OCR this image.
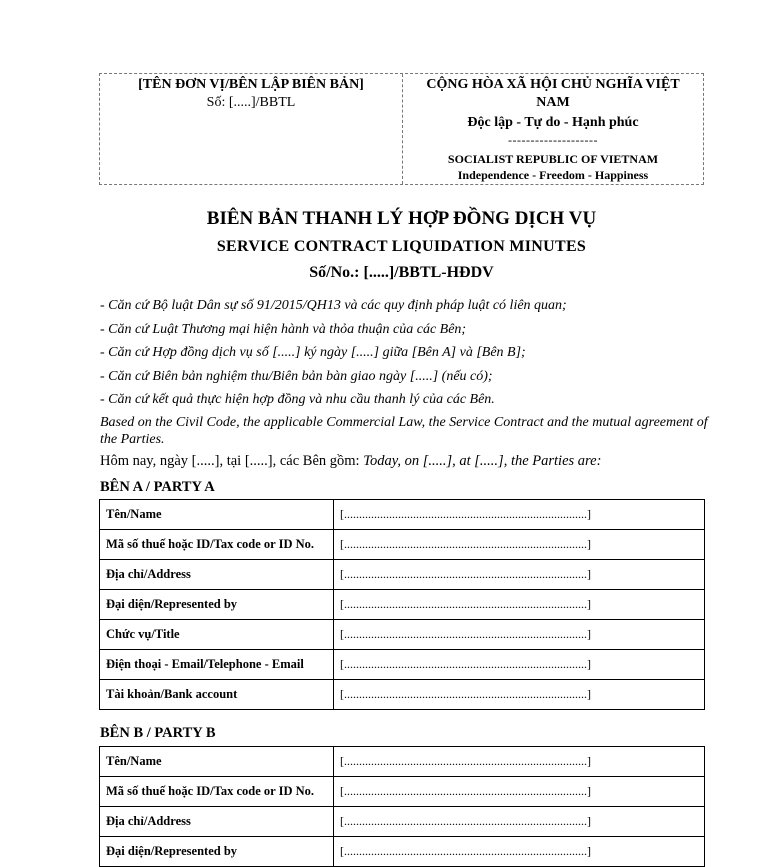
[TÊN ĐƠN VỊ/BÊN LẬP BIÊN BẢN]
Số: [.....]/BBTL
CỘNG HÒA XÃ HỘI CHỦ NGHĨA VIỆT NAM
Độc lập - Tự do - Hạnh phúc
--------------------
SOCIALIST REPUBLIC OF VIETNAM
Independence - Freedom - Happiness
BIÊN BẢN THANH LÝ HỢP ĐỒNG DỊCH VỤ
SERVICE CONTRACT LIQUIDATION MINUTES
Số/No.: [.....]/BBTL-HĐDV
- Căn cứ Bộ luật Dân sự số 91/2015/QH13 và các quy định pháp luật có liên quan;
- Căn cứ Luật Thương mại hiện hành và thỏa thuận của các Bên;
- Căn cứ Hợp đồng dịch vụ số [.....] ký ngày [.....] giữa [Bên A] và [Bên B];
- Căn cứ Biên bản nghiệm thu/Biên bản bàn giao ngày [.....] (nếu có);
- Căn cứ kết quả thực hiện hợp đồng và nhu cầu thanh lý của các Bên.
Based on the Civil Code, the applicable Commercial Law, the Service Contract and the mutual agreement of the Parties.
Hôm nay, ngày [.....], tại [.....], các Bên gồm: Today, on [.....], at [.....], the Parties are:
BÊN A / PARTY A
Tên/Name	[.................................................................................]
Mã số thuế hoặc ID/Tax code or ID No.	[.................................................................................]
Địa chỉ/Address	[.................................................................................]
Đại diện/Represented by	[.................................................................................]
Chức vụ/Title	[.................................................................................]
Điện thoại - Email/Telephone - Email	[.................................................................................]
Tài khoản/Bank account	[.................................................................................]
BÊN B / PARTY B
Tên/Name	[.................................................................................]
Mã số thuế hoặc ID/Tax code or ID No.	[.................................................................................]
Địa chỉ/Address	[.................................................................................]
Đại diện/Represented by	[.................................................................................]
